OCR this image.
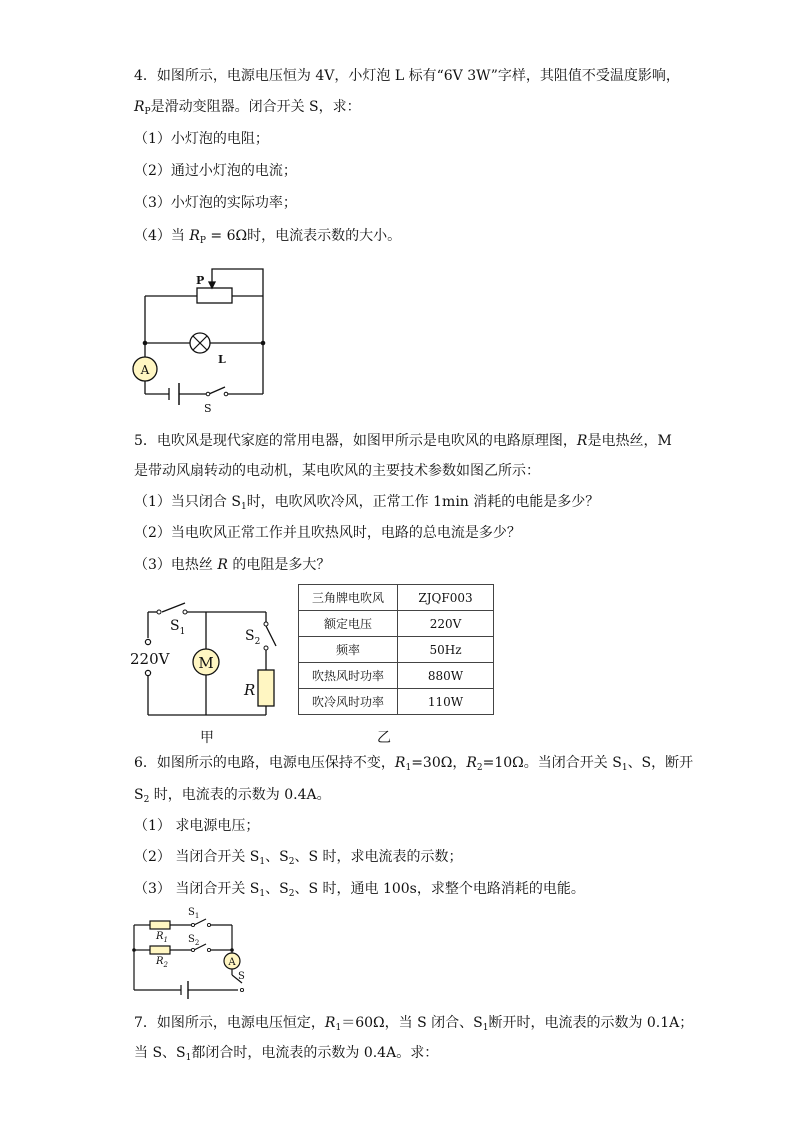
4．如图所示，电源电压恒为 4V，小灯泡 L 标有“6V 3W”字样，其阻值不受温度影响，
$R_P$是滑动变阻器。闭合开关 S，求：
（1）小灯泡的电阻；
（2）通过小灯泡的电流；
（3）小灯泡的实际功率；
（4）当 $R_P = 6\Omega$时，电流表示数的大小。
A
P
L
S
5．电吹风是现代家庭的常用电器，如图甲所示是电吹风的电路原理图，R是电热丝，M
是带动风扇转动的电动机，某电吹风的主要技术参数如图乙所示：
（1）当只闭合 $S_1$时，电吹风吹冷风，正常工作 1min 消耗的电能是多少？
（2）当电吹风正常工作并且吹热风时，电路的总电流是多少？
（3）电热丝 R 的电阻是多大？
M
$S_1$	$S_2$
220V
R
三角牌电吹风	ZJQF003
额定电压	220V
频率	50Hz
吹热风时功率	880W
吹冷风时功率	110W
甲	乙
6．如图所示的电路，电源电压保持不变，$R_1=30\Omega$，$R_2=10\Omega$。当闭合开关 $S_1$、S，断开
$S_2$ 时，电流表的示数为 0.4A。
（1） 求电源电压；
（2） 当闭合开关 $S_1$、$S_2$、S 时，求电流表的示数；
（3） 当闭合开关 $S_1$、$S_2$、S 时，通电 100s，求整个电路消耗的电能。
A
$S_1$
$S_2$
$R_1$
$R_2$
S
7．如图所示，电源电压恒定，$R_1=60\Omega$，当 S 闭合、$S_1$断开时，电流表的示数为 0.1A；
当 S、$S_1$都闭合时，电流表的示数为 0.4A。求：
